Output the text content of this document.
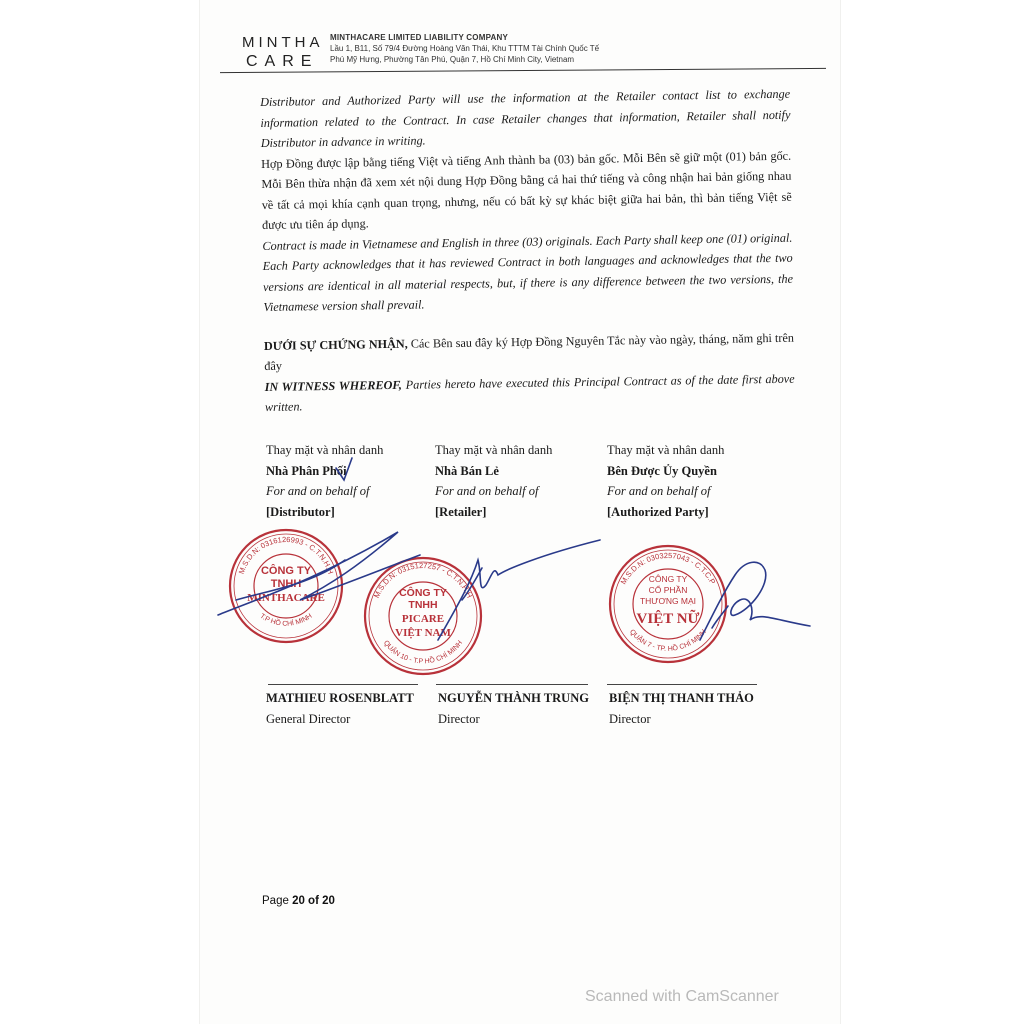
MINTHA
CARE
MINTHACARE LIMITED LIABILITY COMPANY
Lầu 1, B11, Số 79/4 Đường Hoàng Văn Thái, Khu TTTM Tài Chính Quốc Tế
Phú Mỹ Hưng, Phường Tân Phú, Quận 7, Hồ Chí Minh City, Vietnam

Distributor and Authorized Party will use the information at the Retailer contact list to exchange information related to the Contract. In case Retailer changes that information, Retailer shall notify Distributor in advance in writing.

Hợp Đồng được lập bằng tiếng Việt và tiếng Anh thành ba (03) bản gốc. Mỗi Bên sẽ giữ một (01) bản gốc. Mỗi Bên thừa nhận đã xem xét nội dung Hợp Đồng bằng cả hai thứ tiếng và công nhận hai bản giống nhau về tất cả mọi khía cạnh quan trọng, nhưng, nếu có bất kỳ sự khác biệt giữa hai bản, thì bản tiếng Việt sẽ được ưu tiên áp dụng.

Contract is made in Vietnamese and English in three (03) originals. Each Party shall keep one (01) original. Each Party acknowledges that it has reviewed Contract in both languages and acknowledges that the two versions are identical in all material respects, but, if there is any difference between the two versions, the Vietnamese version shall prevail.

DƯỚI SỰ CHỨNG NHẬN, Các Bên sau đây ký Hợp Đồng Nguyên Tắc này vào ngày, tháng, năm ghi trên đây

IN WITNESS WHEREOF, Parties hereto have executed this Principal Contract as of the date first above written.

Thay mặt và nhân danh
Nhà Phân Phối
For and on behalf of
[Distributor]
Thay mặt và nhân danh
Nhà Bán Lẻ
For and on behalf of
[Retailer]
Thay mặt và nhân danh
Bên Được Ủy Quyền
For and on behalf of
[Authorized Party]
M.S.D.N: 0316126993 - C.T.N.H.H
T.P HỒ CHÍ MINH
CÔNG TY
TNHH
MINTHACARE	M.S.D.N: 0315127257 - C.T.N.H.H
QUẬN 10 - T.P HỒ CHÍ MINH
CÔNG TY
TNHH
PICARE
VIỆT NAM
M.S.D.N: 0303257043 - C.T.C.P
QUẬN 7 - TP. HỒ CHÍ MINH
CÔNG TY
CỔ PHẦN
THƯƠNG MẠI
VIỆT NỮ
MATHIEU ROSENBLATT
General Director
NGUYỄN THÀNH TRUNG
Director
BIỆN THỊ THANH THẢO
Director
Page 20 of 20
Scanned with CamScanner
